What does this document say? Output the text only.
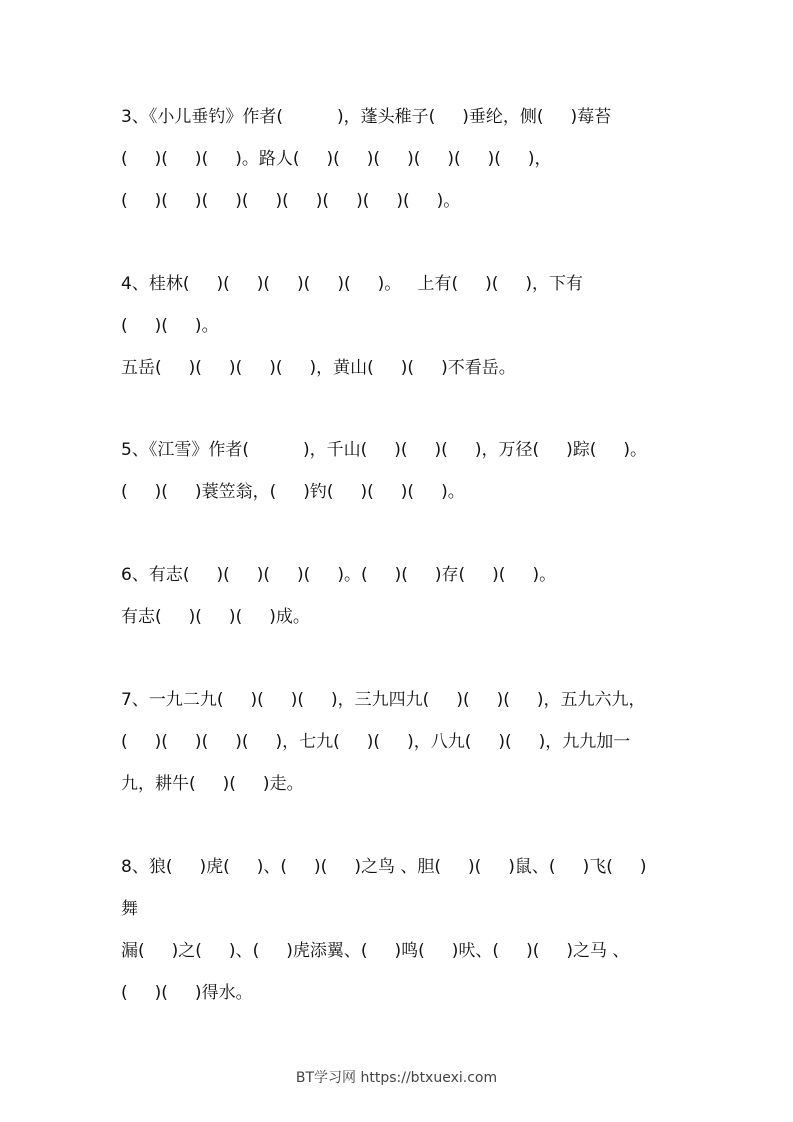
3、《小儿垂钓》作者(          )，蓬头稚子(     )垂纶，侧(     )莓苔
(     )(     )(     )。路人(     )(     )(     )(     )(     )(     )，
(     )(     )(     )(     )(     )(     )(     )(     )。
4、桂林(     )(     )(     )(     )(     )。   上有(     )(     )，下有
(     )(     )。
五岳(     )(     )(     )(     )，黄山(     )(     )不看岳。
5、《江雪》作者(          )，千山(     )(     )(     )，万径(     )踪(     )。
(     )(     )蓑笠翁，(     )钓(     )(     )(     )。
6、有志(     )(     )(     )(     )。(     )(     )存(     )(     )。
有志(     )(     )(     )成。
7、一九二九(     )(     )(     )，三九四九(     )(     )(     )，五九六九，
(     )(     )(     )(     )，七九(     )(     )，八九(     )(     )，九九加一
九，耕牛(     )(     )走。
8、狼(     )虎(     )、(     )(     )之鸟 、胆(     )(     )鼠、(     )飞(     )
舞
漏(     )之(     )、(     )虎添翼、(     )鸣(     )吠、(     )(     )之马 、
(     )(     )得水。
BT学习网 https://btxuexi.com
